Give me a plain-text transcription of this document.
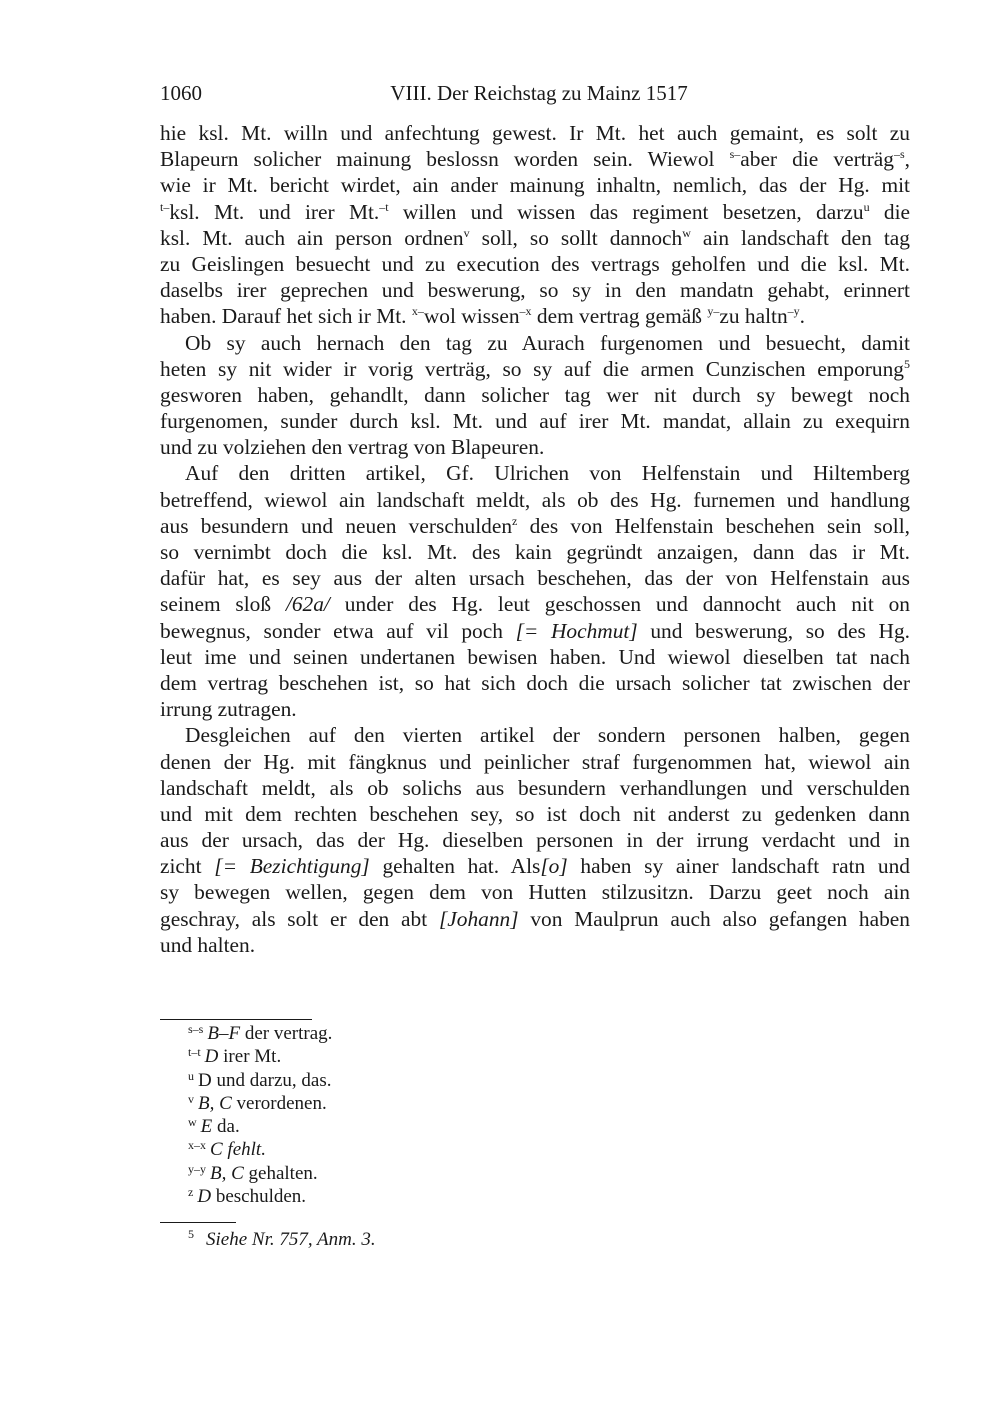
1060	VIII. Der Reichstag zu Mainz 1517
hie ksl. Mt. willn und anfechtung gewest. Ir Mt. het auch gemaint, es solt zu
Blapeurn solicher mainung beslossn worden sein. Wiewol $^{s-}$aber die verträg$^{-s}$,
wie ir Mt. bericht wirdet, ain ander mainung inhaltn, nemlich, das der Hg. mit
$^{t-}$ksl. Mt. und irer Mt.$^{-t}$ willen und wissen das regiment besetzen, darzu$^u$ die
ksl. Mt. auch ain person ordnen$^v$ soll, so sollt dannoch$^w$ ain landschaft den tag
zu Geislingen besuecht und zu execution des vertrags geholfen und die ksl. Mt.
daselbs irer geprechen und beswerung, so sy in den mandatn gehabt, erinnert
haben. Darauf het sich ir Mt. $^{x-}$wol wissen$^{-x}$ dem vertrag gemäß $^{y-}$zu haltn$^{-y}$.
Ob sy auch hernach den tag zu Aurach furgenomen und besuecht, damit
heten sy nit wider ir vorig verträg, so sy auf die armen Cunzischen emporung$^5$
gesworen haben, gehandlt, dann solicher tag wer nit durch sy bewegt noch
furgenomen, sunder durch ksl. Mt. und auf irer Mt. mandat, allain zu exequirn
und zu volziehen den vertrag von Blapeuren.
Auf den dritten artikel, Gf. Ulrichen von Helfenstain und Hiltemberg
betreffend, wiewol ain landschaft meldt, als ob des Hg. furnemen und handlung
aus besundern und neuen verschulden$^z$ des von Helfenstain beschehen sein soll,
so vernimbt doch die ksl. Mt. des kain gegründt anzaigen, dann das ir Mt.
dafür hat, es sey aus der alten ursach beschehen, das der von Helfenstain aus
seinem sloß /62a/ under des Hg. leut geschossen und dannocht auch nit on
bewegnus, sonder etwa auf vil poch [= Hochmut] und beswerung, so des Hg.
leut ime und seinen undertanen bewisen haben. Und wiewol dieselben tat nach
dem vertrag beschehen ist, so hat sich doch die ursach solicher tat zwischen der
irrung zutragen.
Desgleichen auf den vierten artikel der sondern personen halben, gegen
denen der Hg. mit fängknus und peinlicher straf furgenommen hat, wiewol ain
landschaft meldt, als ob solichs aus besundern verhandlungen und verschulden
und mit dem rechten beschehen sey, so ist doch nit anderst zu gedenken dann
aus der ursach, das der Hg. dieselben personen in der irrung verdacht und in
zicht [= Bezichtigung] gehalten hat. Als[o] haben sy ainer landschaft ratn und
sy bewegen wellen, gegen dem von Hutten stilzusitzn. Darzu geet noch ain
geschray, als solt er den abt [Johann] von Maulprun auch also gefangen haben
und halten.
$^{s-s}$ B–F der vertrag.
$^{t-t}$ D irer Mt.
$^u$ D und darzu, das.
$^v$ B, C verordenen.
$^w$ E da.
$^{x-x}$ C fehlt.
$^{y-y}$ B, C gehalten.
$^z$ D beschulden.
$^5$ Siehe Nr. 757, Anm. 3.
